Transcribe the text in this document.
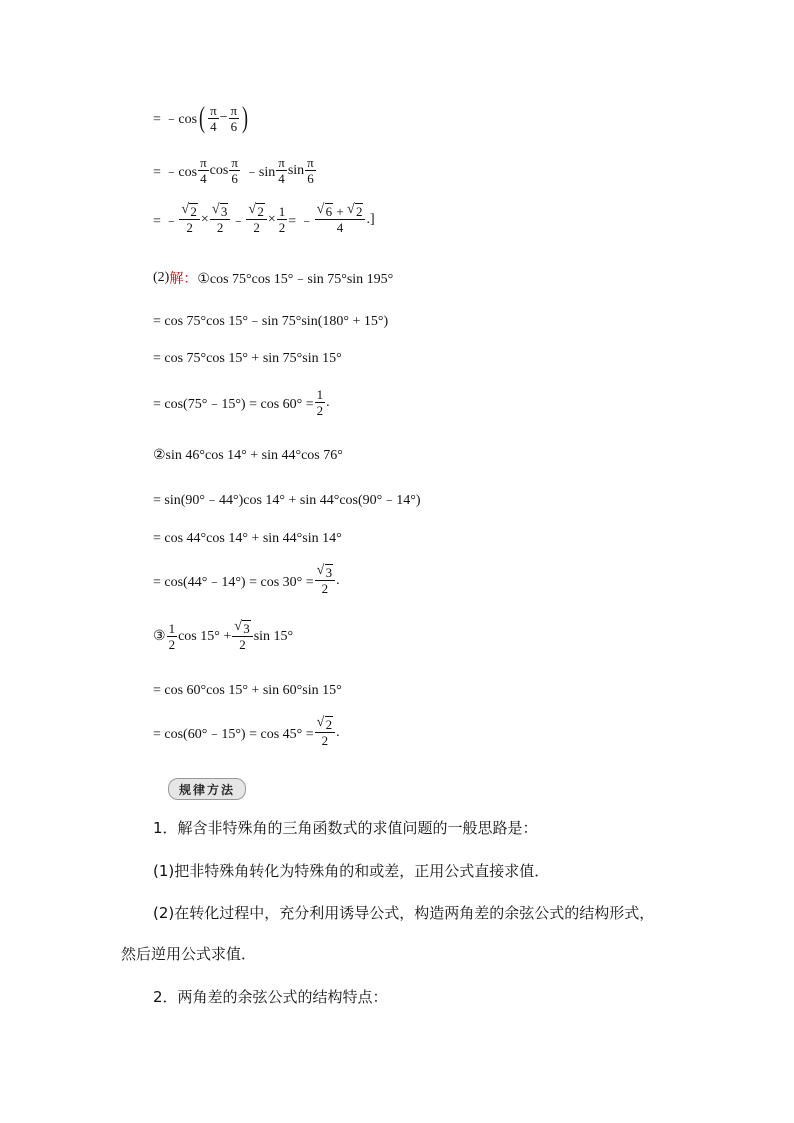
= ﹣cos ( $\frac{\pi}{4} - \frac{\pi}{6}$ )
= ﹣cos $\frac{\pi}{4}$ $\cos \frac{\pi}{6}$ ﹣sin $\frac{\pi}{4}$ $\sin \frac{\pi}{6}$
= ﹣ $\frac{√ 2}{2} \times \frac{√ 3}{2}$ ﹣ $\frac{√ 2}{2} \times \frac{1}{2}$ = ﹣ $\frac{√ 6 + √ 2}{4}$ .]
(2) 解： ①cos 75°cos 15°﹣sin 75°sin 195°
= cos 75°cos 15°﹣sin 75°sin(180° + 15°)
= cos 75°cos 15° + sin 75°sin 15°
= cos(75°﹣15°) = $\cos 60^\circ = \frac{1}{2}$ .
②sin 46°cos 14° + sin 44°cos 76°
= sin(90°﹣44°)cos 14° + sin 44°cos(90°﹣14°)
= cos 44°cos 14° + sin 44°sin 14°
= cos(44°﹣14°) = $\cos 30^\circ = \frac{√ 3}{2}$ .
③ $\frac{1}{2}$ $\cos 15^\circ + \frac{√ 3}{2}$ sin 15°
= cos 60°cos 15° + sin 60°sin 15°
= cos(60°﹣15°) = $\cos 45^\circ = \frac{√ 2}{2}$ .
规律方法
1．解含非特殊角的三角函数式的求值问题的一般思路是：
(1)把非特殊角转化为特殊角的和或差，正用公式直接求值．
(2)在转化过程中，充分利用诱导公式，构造两角差的余弦公式的结构形式，
然后逆用公式求值．
2．两角差的余弦公式的结构特点：
